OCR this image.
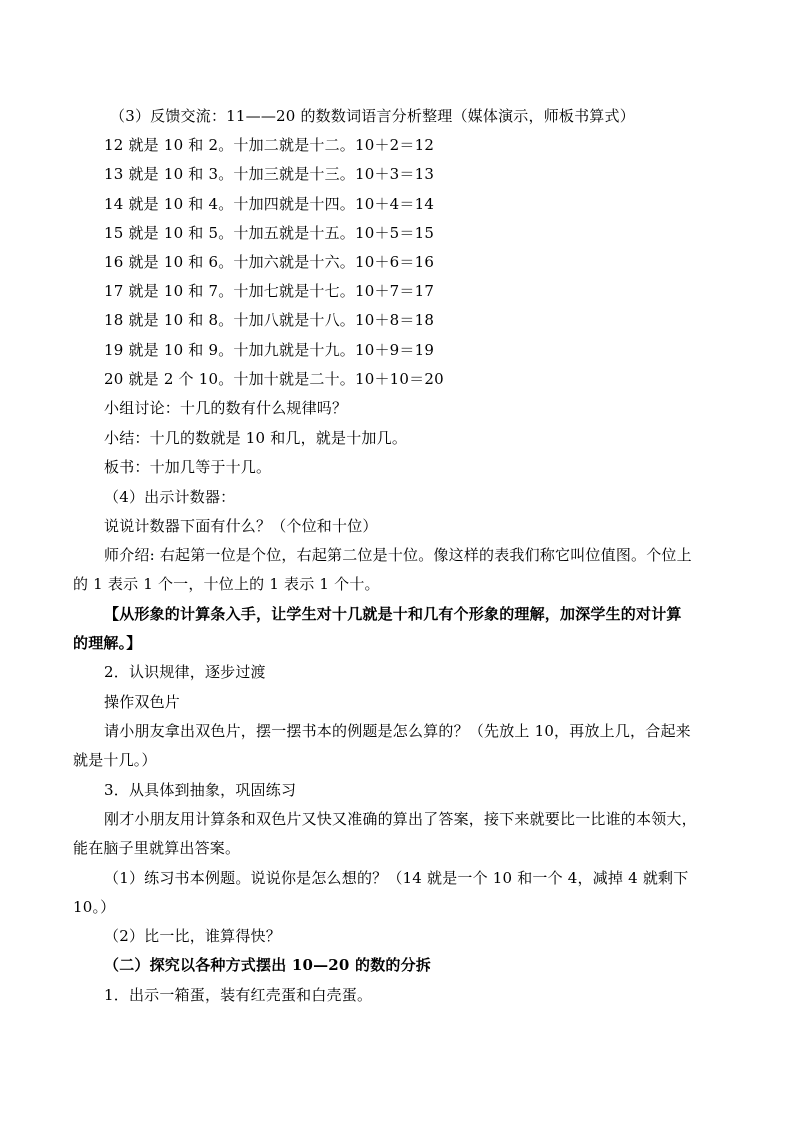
（3）反馈交流：11——20 的数数词语言分析整理（媒体演示，师板书算式）
12 就是 10 和 2。十加二就是十二。10＋2＝12
13 就是 10 和 3。十加三就是十三。10＋3＝13
14 就是 10 和 4。十加四就是十四。10＋4＝14
15 就是 10 和 5。十加五就是十五。10＋5＝15
16 就是 10 和 6。十加六就是十六。10＋6＝16
17 就是 10 和 7。十加七就是十七。10＋7＝17
18 就是 10 和 8。十加八就是十八。10＋8＝18
19 就是 10 和 9。十加九就是十九。10＋9＝19
20 就是 2 个 10。十加十就是二十。10＋10＝20
小组讨论：十几的数有什么规律吗？
小结：十几的数就是 10 和几，就是十加几。
板书：十加几等于十几。
（4）出示计数器：
说说计数器下面有什么？（个位和十位）
师介绍: 右起第一位是个位，右起第二位是十位。像这样的表我们称它叫位值图。个位上
的 1 表示 1 个一，十位上的 1 表示 1 个十。
【从形象的计算条入手，让学生对十几就是十和几有个形象的理解，加深学生的对计算
的理解。】
2．认识规律，逐步过渡
操作双色片
请小朋友拿出双色片，摆一摆书本的例题是怎么算的？（先放上 10，再放上几，合起来
就是十几。）
3．从具体到抽象，巩固练习
刚才小朋友用计算条和双色片又快又准确的算出了答案，接下来就要比一比谁的本领大，
能在脑子里就算出答案。
（1）练习书本例题。说说你是怎么想的？（14 就是一个 10 和一个 4，减掉 4 就剩下
10。）
（2）比一比，谁算得快？
（二）探究以各种方式摆出 10—20 的数的分拆
1．出示一箱蛋，装有红壳蛋和白壳蛋。
